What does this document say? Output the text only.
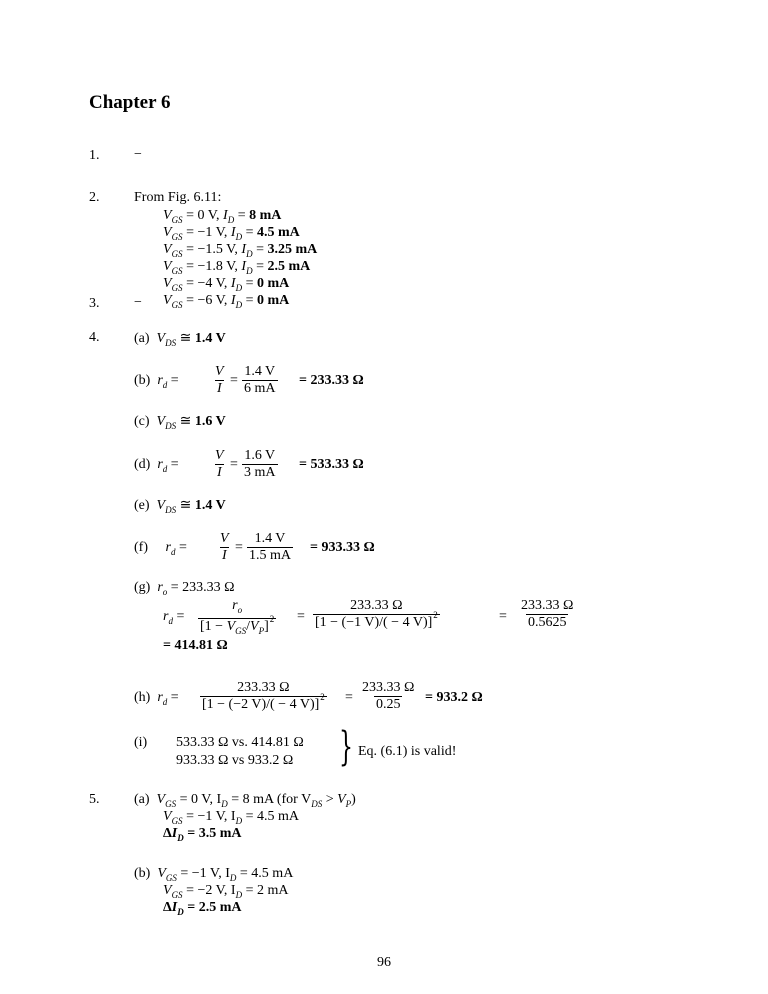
Chapter 6
1. −
2. From Fig. 6.11:
$V_{GS} = 0$ V, $I_D = 8$ mA
$V_{GS} = -1$ V, $I_D = 4.5$ mA
$V_{GS} = -1.5$ V, $I_D = 3.25$ mA
$V_{GS} = -1.8$ V, $I_D = 2.5$ mA
$V_{GS} = -4$ V, $I_D = 0$ mA
$V_{GS} = -6$ V, $I_D = 0$ mA
3. −
4. (a) $V_{DS}$ ≅ 1.4 V
(b) $r_d = \frac{V}{I} = \frac{1.4 V}{6 mA} = 233.33$ Ω
(c) $V_{DS}$ ≅ 1.6 V
(d) $r_d = \frac{V}{I} = \frac{1.6 V}{3 mA} = 533.33$ Ω
(e) $V_{DS}$ ≅ 1.4 V
(f) $r_d = \frac{V}{I} = \frac{1.4 V}{1.5 mA} = 933.33$ Ω
(g) $r_o = 233.33$ Ω
$r_d$ =
$r_o$
$[1 - V_{GS}/V_P]^2 = \frac{233.33 \Omega}{[1 - (-1 V)/( - 4 V)]^2}$	= $\frac{233.33 \Omega}{0.5625}$
= 414.81 Ω
(h) $r_d = \frac{233.33 \Omega}{[1 - (-2 V)/( - 4 V)]^2} = \frac{233.33 \Omega}{0.25} = 933.2$ Ω
(i) 533.33 Ω vs. 414.81 Ω
933.33 Ω vs 933.2 Ω } Eq. (6.1) is valid!
5. (a) $V_{GS} = 0$ V, $I_D = 8$ mA (for $V_{DS} > V_P$)
$V_{GS} = -1$ V, $I_D = 4.5$ mA
$\Delta I_D = 3.5$ mA
(b) $V_{GS} = -1$ V, $I_D = 4.5$ mA
$V_{GS} = -2$ V, $I_D = 2$ mA
$\Delta I_D = 2.5$ mA
96
